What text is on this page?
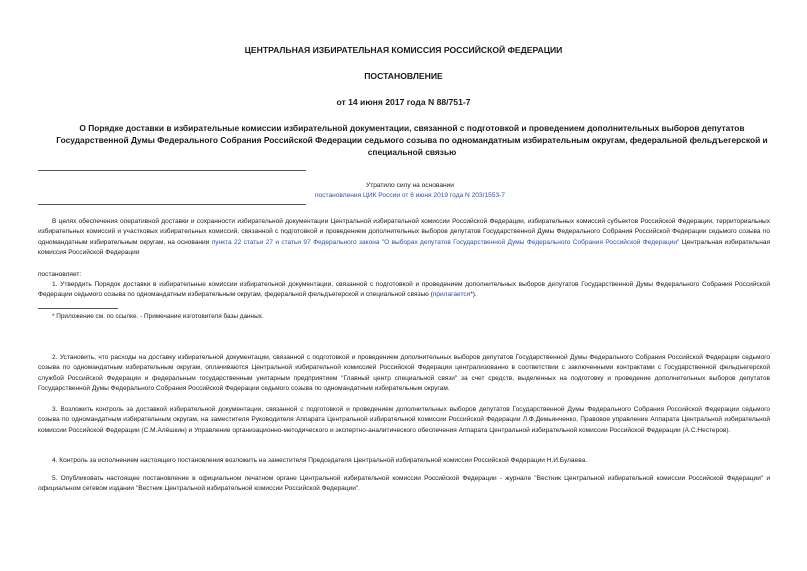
ЦЕНТРАЛЬНАЯ ИЗБИРАТЕЛЬНАЯ КОМИССИЯ РОССИЙСКОЙ ФЕДЕРАЦИИ
ПОСТАНОВЛЕНИЕ
от 14 июня 2017 года N 88/751-7
О Порядке доставки в избирательные комиссии избирательной документации, связанной с подготовкой и проведением дополнительных выборов депутатов Государственной Думы Федерального Собрания Российской Федерации седьмого созыва по одномандатным избирательным округам, федеральной фельдъегерской и специальной связью
Утратило силу на основании
постановления ЦИК России от 6 июня 2019 года N 203/1553-7
В целях обеспечения оперативной доставки и сохранности избирательной документации Центральной избирательной комиссии Российской Федерации, избирательных комиссий субъектов Российской Федерации, территориальных избирательных комиссий и участковых избирательных комиссий, связанной с подготовкой и проведением дополнительных выборов депутатов Государственной Думы Федерального Собрания Российской Федерации седьмого созыва по одномандатным избирательным округам, на основании пункта 22 статьи 27 и статьи 97 Федерального закона "О выборах депутатов Государственной Думы Федерального Собрания Российской Федерации" Центральная избирательная комиссия Российской Федерации
постановляет:
1. Утвердить Порядок доставки в избирательные комиссии избирательной документации, связанной с подготовкой и проведением дополнительных выборов депутатов Государственной Думы Федерального Собрания Российской Федерации седьмого созыва по одномандатным избирательным округам, федеральной фельдъегерской и специальной связью (прилагается*).
* Приложение см. по ссылке. - Примечание изготовителя базы данных.
2. Установить, что расходы на доставку избирательной документации, связанной с подготовкой и проведением дополнительных выборов депутатов Государственной Думы Федерального Собрания Российской Федерации седьмого созыва по одномандатным избирательным округам, оплачиваются Центральной избирательной комиссией Российской Федерации централизованно в соответствии с заключенными контрактами с Государственной фельдъегерской службой Российской Федерации и федеральным государственным унитарным предприятием "Главный центр специальной связи" за счет средств, выделенных на подготовку и проведение дополнительных выборов депутатов Государственной Думы Федерального Собрания Российской Федерации седьмого созыва по одномандатным избирательным округам.
3. Возложить контроль за доставкой избирательной документации, связанной с подготовкой и проведением дополнительных выборов депутатов Государственной Думы Федерального Собрания Российской Федерации седьмого созыва по одномандатным избирательным округам, на заместителя Руководителя Аппарата Центральной избирательной комиссии Российской Федерации Л.Ф.Демьянченко, Правовое управление Аппарата Центральной избирательной комиссии Российской Федерации (С.М.Алёшкин) и Управление организационно-методического и экспертно-аналитического обеспечения Аппарата Центральной избирательной комиссии Российской Федерации (А.С.Нестеров).
4. Контроль за исполнением настоящего постановления возложить на заместителя Председателя Центральной избирательной комиссии Российской Федерации Н.И.Булаева.
5. Опубликовать настоящее постановление в официальном печатном органе Центральной избирательной комиссии Российской Федерации - журнале "Вестник Центральной избирательной комиссии Российской Федерации" и официальном сетевом издании "Вестник Центральной избирательной комиссии Российской Федерации".
